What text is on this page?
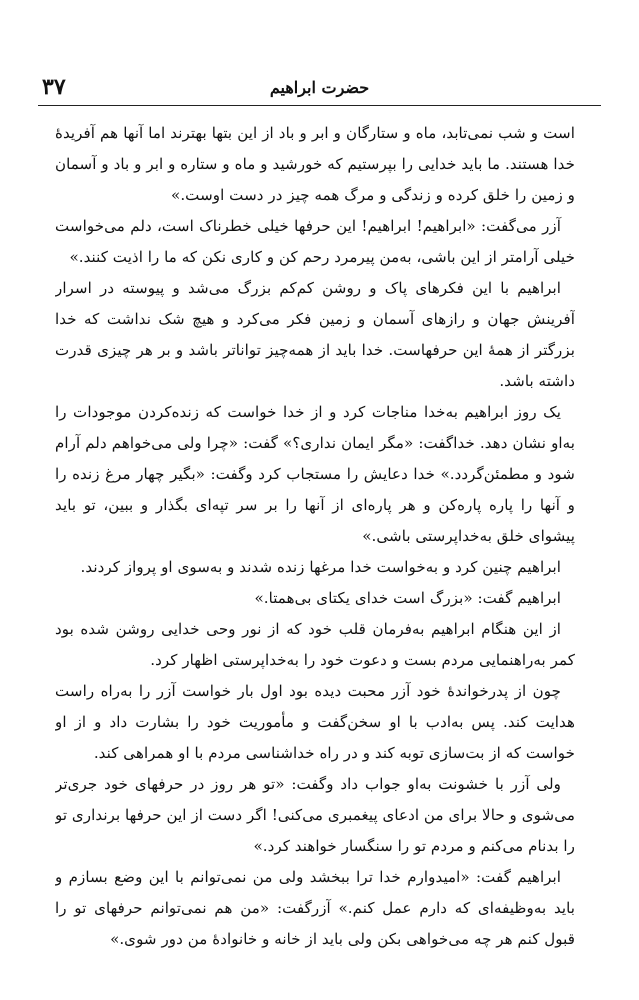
۳۷	حضرت ابراهیم

است و شب نمی‌تابد، ماه و ستارگان و ابر و باد از این بتها بهترند اما آنها هم آفریدهٔ خدا هستند. ما باید خدایی را بپرستیم که خورشید و ماه و ستاره و ابر و باد و آسمان و زمین را خلق کرده و زندگی و مرگ همه چیز در دست اوست.»

آزر می‌گفت: «ابراهیم! ابراهیم! این حرفها خیلی خطرناک است، دلم می‌خواست خیلی آرامتر از این باشی، به‌من پیرمرد رحم کن و کاری نکن که ما را اذیت کنند.»

ابراهیم با این فکرهای پاک و روشن کم‌کم بزرگ می‌شد و پیوسته در اسرار آفرینش جهان و رازهای آسمان و زمین فکر می‌کرد و هیچ شک نداشت که خدا بزرگتر از همهٔ این حرفهاست. خدا باید از همه‌چیز تواناتر باشد و بر هر چیزی قدرت داشته باشد.

یک روز ابراهیم به‌خدا مناجات کرد و از خدا خواست که زنده‌کردن موجودات را به‌او نشان دهد. خداگفت: «مگر ایمان نداری؟» گفت: «چرا ولی می‌خواهم دلم آرام شود و مطمئن‌گردد.» خدا دعایش را مستجاب کرد وگفت: «بگیر چهار مرغ زنده را و آنها را پاره پاره‌کن و هر پاره‌ای از آنها را بر سر تپه‌ای بگذار و ببین، تو باید پیشوای خلق به‌خداپرستی باشی.»

ابراهیم چنین کرد و به‌خواست خدا مرغها زنده شدند و به‌سوی او پرواز کردند.

ابراهیم گفت: «بزرگ است خدای یکتای بی‌همتا.»

از این هنگام ابراهیم به‌فرمان قلب خود که از نور وحی خدایی روشن شده بود کمر به‌راهنمایی مردم بست و دعوت خود را به‌خداپرستی اظهار کرد.

چون از پدرخواندهٔ خود آزر محبت دیده بود اول بار خواست آزر را به‌راه راست هدایت کند. پس به‌ادب با او سخن‌گفت و مأموریت خود را بشارت داد و از او خواست که از بت‌سازی توبه کند و در راه خداشناسی مردم با او همراهی کند.

ولی آزر با خشونت به‌او جواب داد وگفت: «تو هر روز در حرفهای خود جری‌تر می‌شوی و حالا برای من ادعای پیغمبری می‌کنی! اگر دست از این حرفها برنداری تو را بدنام می‌کنم و مردم تو را سنگسار خواهند کرد.»

ابراهیم گفت: «امیدوارم خدا ترا ببخشد ولی من نمی‌توانم با این وضع بسازم و باید به‌وظیفه‌ای که دارم عمل کنم.» آزرگفت: «من هم نمی‌توانم حرفهای تو را قبول کنم هر چه می‌خواهی بکن ولی باید از خانه و خانوادهٔ من دور شوی.»
